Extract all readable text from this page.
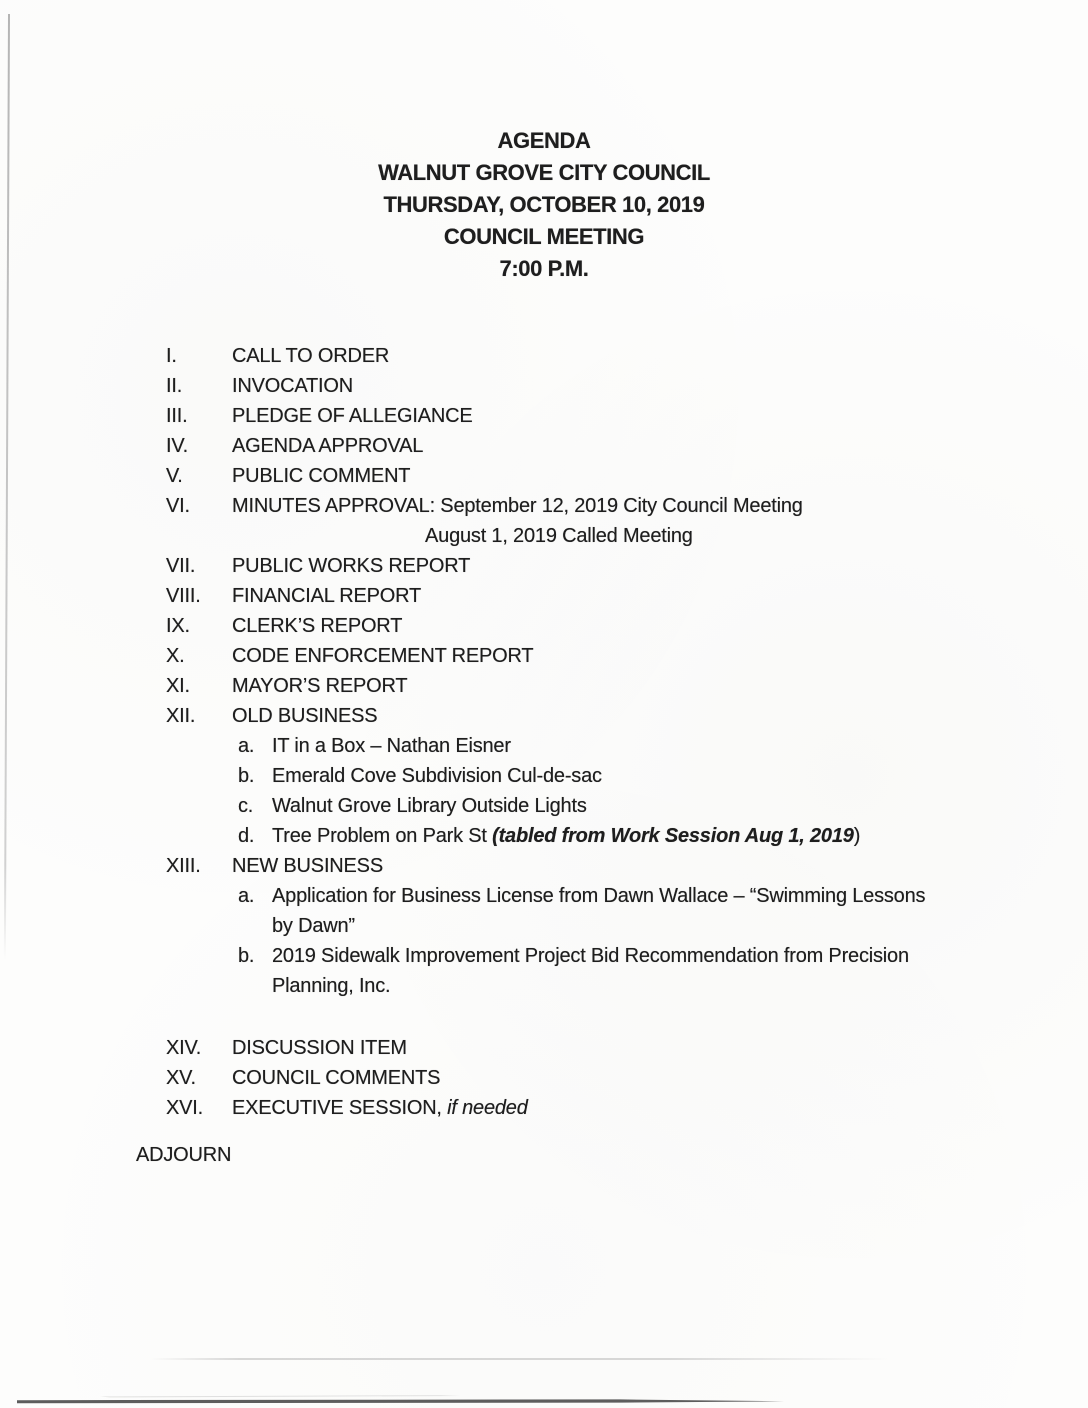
AGENDA
WALNUT GROVE CITY COUNCIL
THURSDAY, OCTOBER 10, 2019
COUNCIL MEETING
7:00 P.M.
I.	CALL TO ORDER
II.	INVOCATION
III.	PLEDGE OF ALLEGIANCE
IV.	AGENDA APPROVAL
V.	PUBLIC COMMENT
VI.	MINUTES APPROVAL: September 12, 2019 City Council Meeting
August 1, 2019 Called Meeting
VII.	PUBLIC WORKS REPORT
VIII.	FINANCIAL REPORT
IX.	CLERK’S REPORT
X.	CODE ENFORCEMENT REPORT
XI.	MAYOR’S REPORT
XII.	OLD BUSINESS
a. IT in a Box – Nathan Eisner
b. Emerald Cove Subdivision Cul-de-sac
c. Walnut Grove Library Outside Lights
d. Tree Problem on Park St (tabled from Work Session Aug 1, 2019)
XIII.	NEW BUSINESS
a. Application for Business License from Dawn Wallace – “Swimming Lessons by Dawn”
b. 2019 Sidewalk Improvement Project Bid Recommendation from Precision Planning, Inc.
XIV.	DISCUSSION ITEM
XV.	COUNCIL COMMENTS
XVI.	EXECUTIVE SESSION, if needed
ADJOURN
